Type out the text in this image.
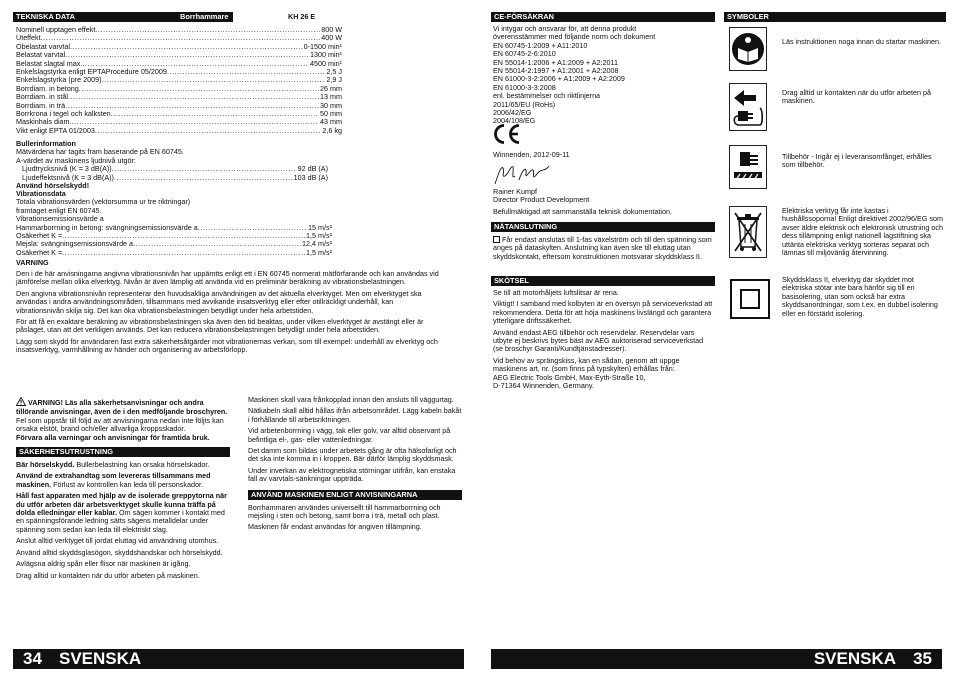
TEKNISKA DATA	Borrhammare	KH 26 E
Nominell upptagen effekt .....	800 W
Uteffekt .....	400 W
Obelastat varvtal .....	0-1500 min¹
Belastat varvtal .....	1300 min¹
Belastat slagtal max. .....	4500 min¹
Enkelslagstyrka enligt EPTAProcedure 05/2009 .....	2,5 J
Enkelslagstyrka (pre 2009) .....	2,9 J
Borrdiam. in betong .....	26 mm
Borrdiam. in stål .....	13 mm
Borrdiam. in trä .....	30 mm
Borrkrona i tegel och kalksten .....	50 mm
Maskinhals diam. .....	43 mm
Vikt enligt EPTA 01/2003 .....	2,6 kg
Bullerinformation
Mätvärdena har tagits fram baserande på EN 60745.
A-värdet av maskinens ljudnivå utgör:
Ljudtrycksnivå (K = 3 dB(A)) .....	92 dB (A)
Ljudeffektsnivå (K = 3 dB(A)) .....	103 dB (A)
Använd hörselskydd!
Vibrationsdata
Totala vibrationsvärden (vektorsumma ur tre riktningar)
framtaget enligt EN 60745.
Vibrationsemissionsvärde a
Hammarborrning in betong: svängningsemissionsvärde a .....	15 m/s²
Osäkerhet K = .....	1,5 m/s²
Mejsla: svängningsemissionsvärde a .....	12,4 m/s²
Osäkerhet K = .....	1,5 m/s²
VARNING
Den i de här anvisningarna angivna vibrationsnivån har uppämtts enligt ett i EN 60745 normerat mätförfarande och kan användas vid jämförelse mellan olika elverktyg. Nivån är även lämplig att använda vid en preliminär beräkning av vibrationsbelastningen.
Den angivna vibrationsnivån representerar den huvudsakliga användningen av det aktuella elverktyget. Men om elverktyget ska användas i andra användningsområden, tillsammans med avvikande insatsverktyg eller efter otillräckligt underhåll, kan vibrationsnivån skilja sig. Det kan öka vibrationsbelastningen betydligt under hela arbetstiden.
För att få en exaktare beräkning av vibrationsbelastningen ska även den tid beaktas, under vilken elverktyget är avstängt eller är påslaget, utan att det verkligen används. Det kan reducera vibrationsbelastningen betydligt under hela arbetstiden.
Lägg som skydd för användaren fast extra säkerhetsåtgärder mot vibrationernas verkan, som till exempel: underhåll av elverktyg och insatsverktyg, varmhållning av händer och organisering av arbetsförlopp.
VARNING! Läs alla säkerhetsanvisningar och andra tillörande anvisningar, även de i den medföljande broschyren. Fel som uppstår till följd av att anvisningarna nedan inte följts kan orsaka elstöt, brand och/eller allvarliga kroppsskador.
Förvara alla varningar och anvisningar för framtida bruk.
SÄKERHETSUTRUSTNING
Bär hörselskydd. Bullerbelastning kan orsaka hörselskador.
Använd de extrahandtag som levereras tillsammans med maskinen. Förlust av kontrollen kan leda till personskador.
Håll fast apparaten med hjälp av de isolerade greppytorna när du utför arbeten där arbetsverktyget skulle kunna träffa på dolda elledningar eller kablar. Om sägen kommer i kontakt med en spänningsförande ledning sätts sägens metalldelar under spänning som sedan kan leda till elektriskt slag.
Anslut alltid verktyget till jordat eluttag vid användning utomhus.
Använd alltid skyddsglasögon, skyddshandskar och hörselskydd.
Avlägsna aldrig spån eller flisor när maskinen är igång.
Drag alltid ur kontakten när du utför arbeten på maskinen.
Maskinen skall vara frånkopplad innan den ansluts till väggurtag.
Nätkabeln skall alltid hållas ifrån arbetsområdet. Lägg kabeln bakåt i förhållande till arbetsriktningen.
Vid arbetenborrning i vägg, tak eller golv, var alltid observant på befintliga el-, gas- eller vattenledningar.
Det damm som bildas under arbetets gång är ofta hälsofarligt och det ska inte komma in i kroppen. Bär därför lämplig skyddsmask.
Under inverkan av elektrognetiska störningar utifrån, kan enstaka fall av varvtals-sänkningar uppträda.
ANVÄND MASKINEN ENLIGT ANVISNINGARNA
Borrhammaren användes universellt till hammarborrning och mejsling i sten och betong, samt borra i trä, metall och plast.
Maskinen får endast användas för angiven tillämpning.
34 SVENSKA
CE-FÖRSÄKRAN
Vi intygar och ansvarar för, att denna produkt
överensstämmer med följande norm och dokument
EN 60745-1:2009 + A11:2010
EN 60745-2-6:2010
EN 55014-1:2006 + A1:2009 + A2:2011
EN 55014-2:1997 + A1:2001 + A2:2008
EN 61000-3-2:2006 + A1:2009 + A2:2009
EN 61000-3-3:2008
enl. bestämmelser och riktlinjerna
2011/65/EU (RoHs)
2006/42/EG
2004/108/EG
Winnenden, 2012-09-11
Rainer Kumpf
Director Product Development
Befullmäktigad att sammanställa teknisk dokumentation.
NÄTANSLUTNING
Får endast anslutas till 1-fas växelström och till den spänning som anges på dataskylten. Anslutning kan även ske till eluttag utan skyddskontakt, eftersom konstruktionen motsvarar skyddsklass II.
SKÖTSEL
Se till att motorhåljets luftslitsar är rena.
Viktigt! I samband med kolbyten är en översyn på serviceverkstad att rekommendera. Detta för att höja maskinens livslängd och garantera ytterligare driftssäkerhet.
Använd endast AEG tillbehör och reservdelar. Reservdelar vars utbyte ej beskrivs bytes bäst av AEG auktoriserad serviceverkstad (se broschyr Garanti/Kundtjänstadresser).
Vid behov av sprängskiss, kan en sådan, genom att uppge maskinens art, nr. (som finns på typskylten) erhållas från:
AEG Electric Tools GmbH, Max-Eyth-Straße 10,
D-71364 Winnenden, Germany.
SYMBOLER
Läs instruktionen noga innan du startar maskinen.
Drag alltid ur kontakten när du utför arbeten på maskinen.
Tillbehör - Ingår ej i leveransomfånget, erhålles som tillbehör.
Elektriska verktyg får inte kastas i hushållssoporna! Enligt direktivet 2002/96/EG som avser äldre elektrisk och elektronisk utrustning och dess tillämpning enligt nationell lagstiftning ska uttänta elektriska verktyg sorteras separat och lämnas till miljövänlig återvinning.
Skyddsklass II, elverktyg där skyddet mot elektriska stötar inte bara hänför sig till en basisolering, utan som också har extra skyddsanordningar, som t.ex. en dubbel isolering eller en förstärkt isolering.
SVENSKA 35
